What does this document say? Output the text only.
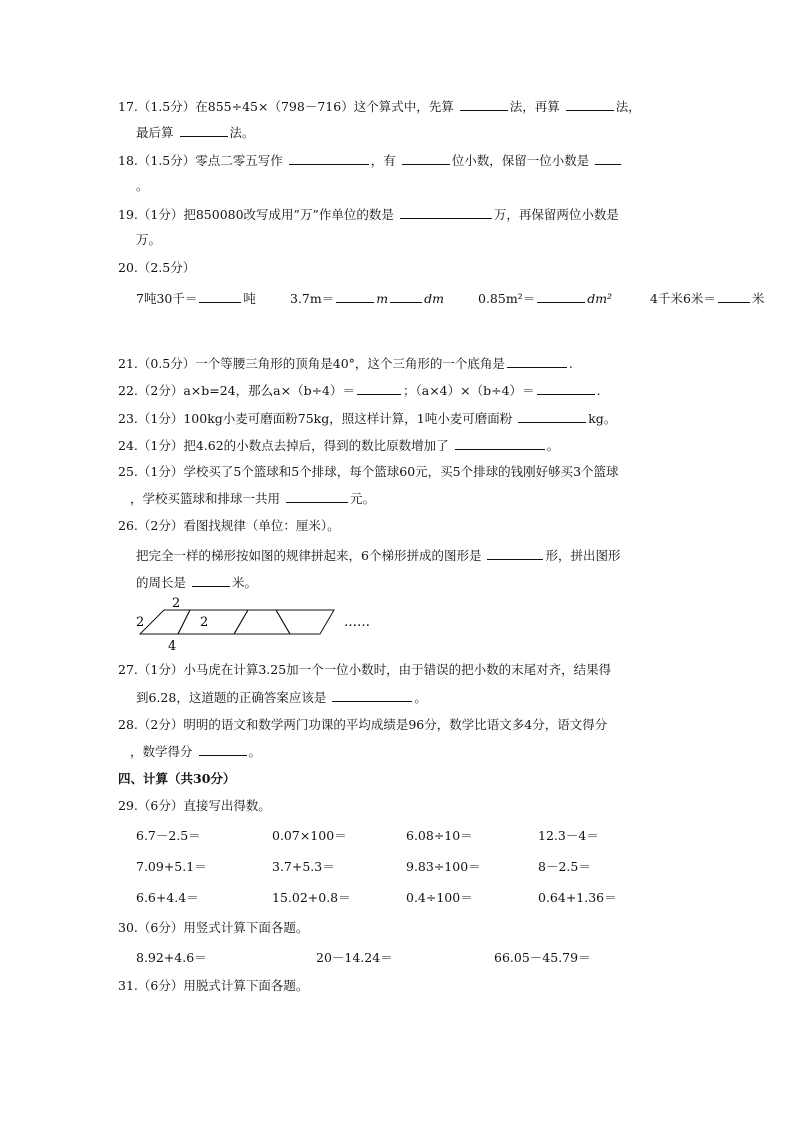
17.（1.5分）在855÷45×（798－716）这个算式中，先算	法，再算	法，
最后算	法。
18.（1.5分）零点二零五写作	，有	位小数，保留一位小数是
。
19.（1分）把850080改写成用”万”作单位的数是	万，再保留两位小数是
万。
20.（2.5分）
7吨30千＝	吨	3.7m＝	m	dm	0.85m²＝	dm²	4千米6米＝	米
21.（0.5分）一个等腰三角形的顶角是40°，这个三角形的一个底角是	.
22.（2分）a×b=24，那么a×（b÷4）＝	；（a×4）×（b÷4）＝	.
23.（1分）100kg小麦可磨面粉75kg，照这样计算，1吨小麦可磨面粉	kg。
24.（1分）把4.62的小数点去掉后，得到的数比原数增加了	。
25.（1分）学校买了5个篮球和5个排球，每个篮球60元，买5个排球的钱刚好够买3个篮球
，学校买篮球和排球一共用	元。
26.（2分）看图找规律（单位：厘米）。
把完全一样的梯形按如图的规律拼起来，6个梯形拼成的图形是	形，拼出图形
的周长是	米。
2
2	2
4
……
27.（1分）小马虎在计算3.25加一个一位小数时，由于错误的把小数的末尾对齐，结果得
到6.28，这道题的正确答案应该是	。
28.（2分）明明的语文和数学两门功课的平均成绩是96分，数学比语文多4分，语文得分
，数学得分	。
四、计算（共30分）
29.（6分）直接写出得数。
6.7－2.5＝	0.07×100＝	6.08÷10＝	12.3－4＝
7.09+5.1＝	3.7+5.3＝	9.83÷100＝	8－2.5＝
6.6+4.4＝	15.02+0.8＝	0.4÷100＝	0.64+1.36＝
30.（6分）用竖式计算下面各题。
8.92+4.6＝	20－14.24＝	66.05－45.79＝
31.（6分）用脱式计算下面各题。
